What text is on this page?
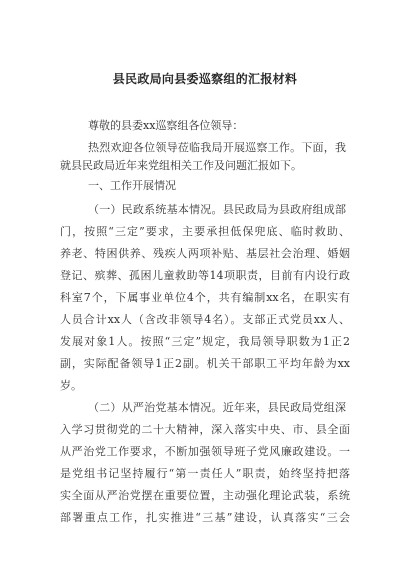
县民政局向县委巡察组的汇报材料
尊敬的县委xx巡察组各位领导：
热烈欢迎各位领导莅临我局开展巡察工作。下面，我
就县民政局近年来党组相关工作及问题汇报如下。
一、工作开展情况
（一）民政系统基本情况。县民政局为县政府组成部
门，按照“三定”要求，主要承担低保兜底、临时救助、
养老、特困供养、残疾人两项补贴、基层社会治理、婚姻
登记、殡葬、孤困儿童救助等14项职责，目前有内设行政
科室7个，下属事业单位4个，共有编制xx名，在职实有
人员合计xx人（含改非领导4名）。支部正式党员xx人、
发展对象1人。按照“三定”规定，我局领导职数为1正2
副，实际配备领导1正2副。机关干部职工平均年龄为xx
岁。
（二）从严治党基本情况。近年来，县民政局党组深
入学习贯彻党的二十大精神，深入落实中央、市、县全面
从严治党工作要求，不断加强领导班子党风廉政建设。一
是党组书记坚持履行“第一责任人”职责，始终坚持把落
实全面从严治党摆在重要位置，主动强化理论武装，系统
部署重点工作，扎实推进“三基”建设，认真落实“三会
